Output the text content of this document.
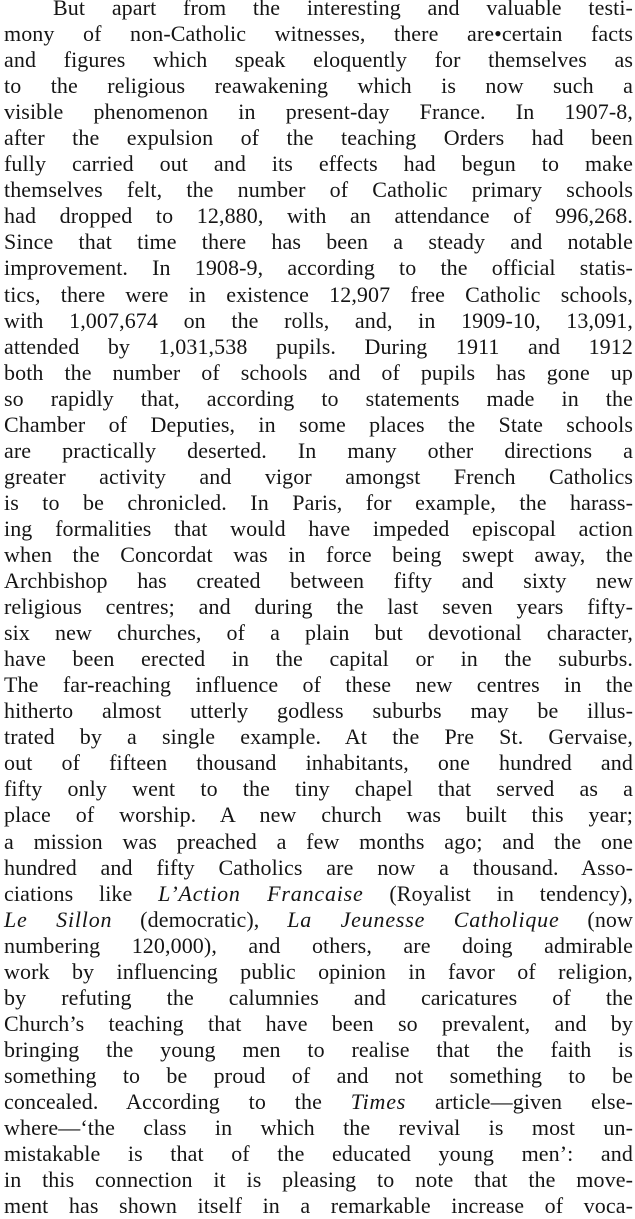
But apart from the interesting and valuable testi-
mony of non-Catholic witnesses, there are•certain facts
and figures which speak eloquently for themselves as
to the religious reawakening which is now such a
visible phenomenon in present-day France. In 1907-8,
after the expulsion of the teaching Orders had been
fully carried out and its effects had begun to make
themselves felt, the number of Catholic primary schools
had dropped to 12,880, with an attendance of 996,268.
Since that time there has been a steady and notable
improvement. In 1908-9, according to the official statis-
tics, there were in existence 12,907 free Catholic schools,
with 1,007,674 on the rolls, and, in 1909-10, 13,091,
attended by 1,031,538 pupils. During 1911 and 1912
both the number of schools and of pupils has gone up
so rapidly that, according to statements made in the
Chamber of Deputies, in some places the State schools
are practically deserted. In many other directions a
greater activity and vigor amongst French Catholics
is to be chronicled. In Paris, for example, the harass-
ing formalities that would have impeded episcopal action
when the Concordat was in force being swept away, the
Archbishop has created between fifty and sixty new
religious centres; and during the last seven years fifty-
six new churches, of a plain but devotional character,
have been erected in the capital or in the suburbs.
The far-reaching influence of these new centres in the
hitherto almost utterly godless suburbs may be illus-
trated by a single example. At the Pre St. Gervaise,
out of fifteen thousand inhabitants, one hundred and
fifty only went to the tiny chapel that served as a
place of worship. A new church was built this year;
a mission was preached a few months ago; and the one
hundred and fifty Catholics are now a thousand. Asso-
ciations like L’Action Francaise (Royalist in tendency),
Le Sillon (democratic), La Jeunesse Catholique (now
numbering 120,000), and others, are doing admirable
work by influencing public opinion in favor of religion,
by refuting the calumnies and caricatures of the
Church’s teaching that have been so prevalent, and by
bringing the young men to realise that the faith is
something to be proud of and not something to be
concealed. According to the Times article—given else-
where—‘the class in which the revival is most un-
mistakable is that of the educated young men’: and
in this connection it is pleasing to note that the move-
ment has shown itself in a remarkable increase of voca-
